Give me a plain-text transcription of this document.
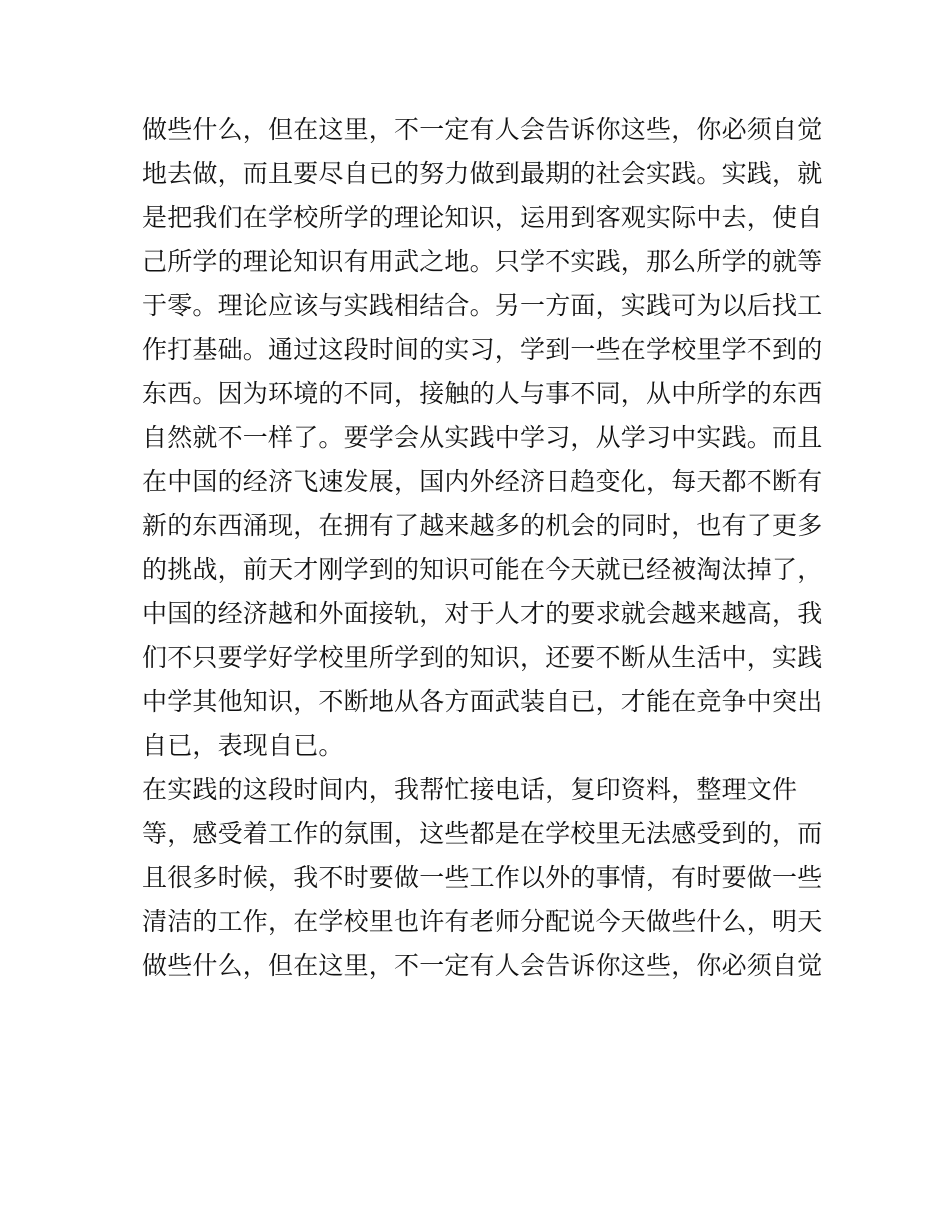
做些什么，但在这里，不一定有人会告诉你这些，你必须自觉
地去做，而且要尽自已的努力做到最期的社会实践。实践，就
是把我们在学校所学的理论知识，运用到客观实际中去，使自
己所学的理论知识有用武之地。只学不实践，那么所学的就等
于零。理论应该与实践相结合。另一方面，实践可为以后找工
作打基础。通过这段时间的实习，学到一些在学校里学不到的
东西。因为环境的不同，接触的人与事不同，从中所学的东西
自然就不一样了。要学会从实践中学习，从学习中实践。而且
在中国的经济飞速发展，国内外经济日趋变化，每天都不断有
新的东西涌现，在拥有了越来越多的机会的同时，也有了更多
的挑战，前天才刚学到的知识可能在今天就已经被淘汰掉了，
中国的经济越和外面接轨，对于人才的要求就会越来越高，我
们不只要学好学校里所学到的知识，还要不断从生活中，实践
中学其他知识，不断地从各方面武装自已，才能在竞争中突出
自已，表现自已。
在实践的这段时间内，我帮忙接电话，复印资料，整理文件
等，感受着工作的氛围，这些都是在学校里无法感受到的，而
且很多时候，我不时要做一些工作以外的事情，有时要做一些
清洁的工作，在学校里也许有老师分配说今天做些什么，明天
做些什么，但在这里，不一定有人会告诉你这些，你必须自觉
